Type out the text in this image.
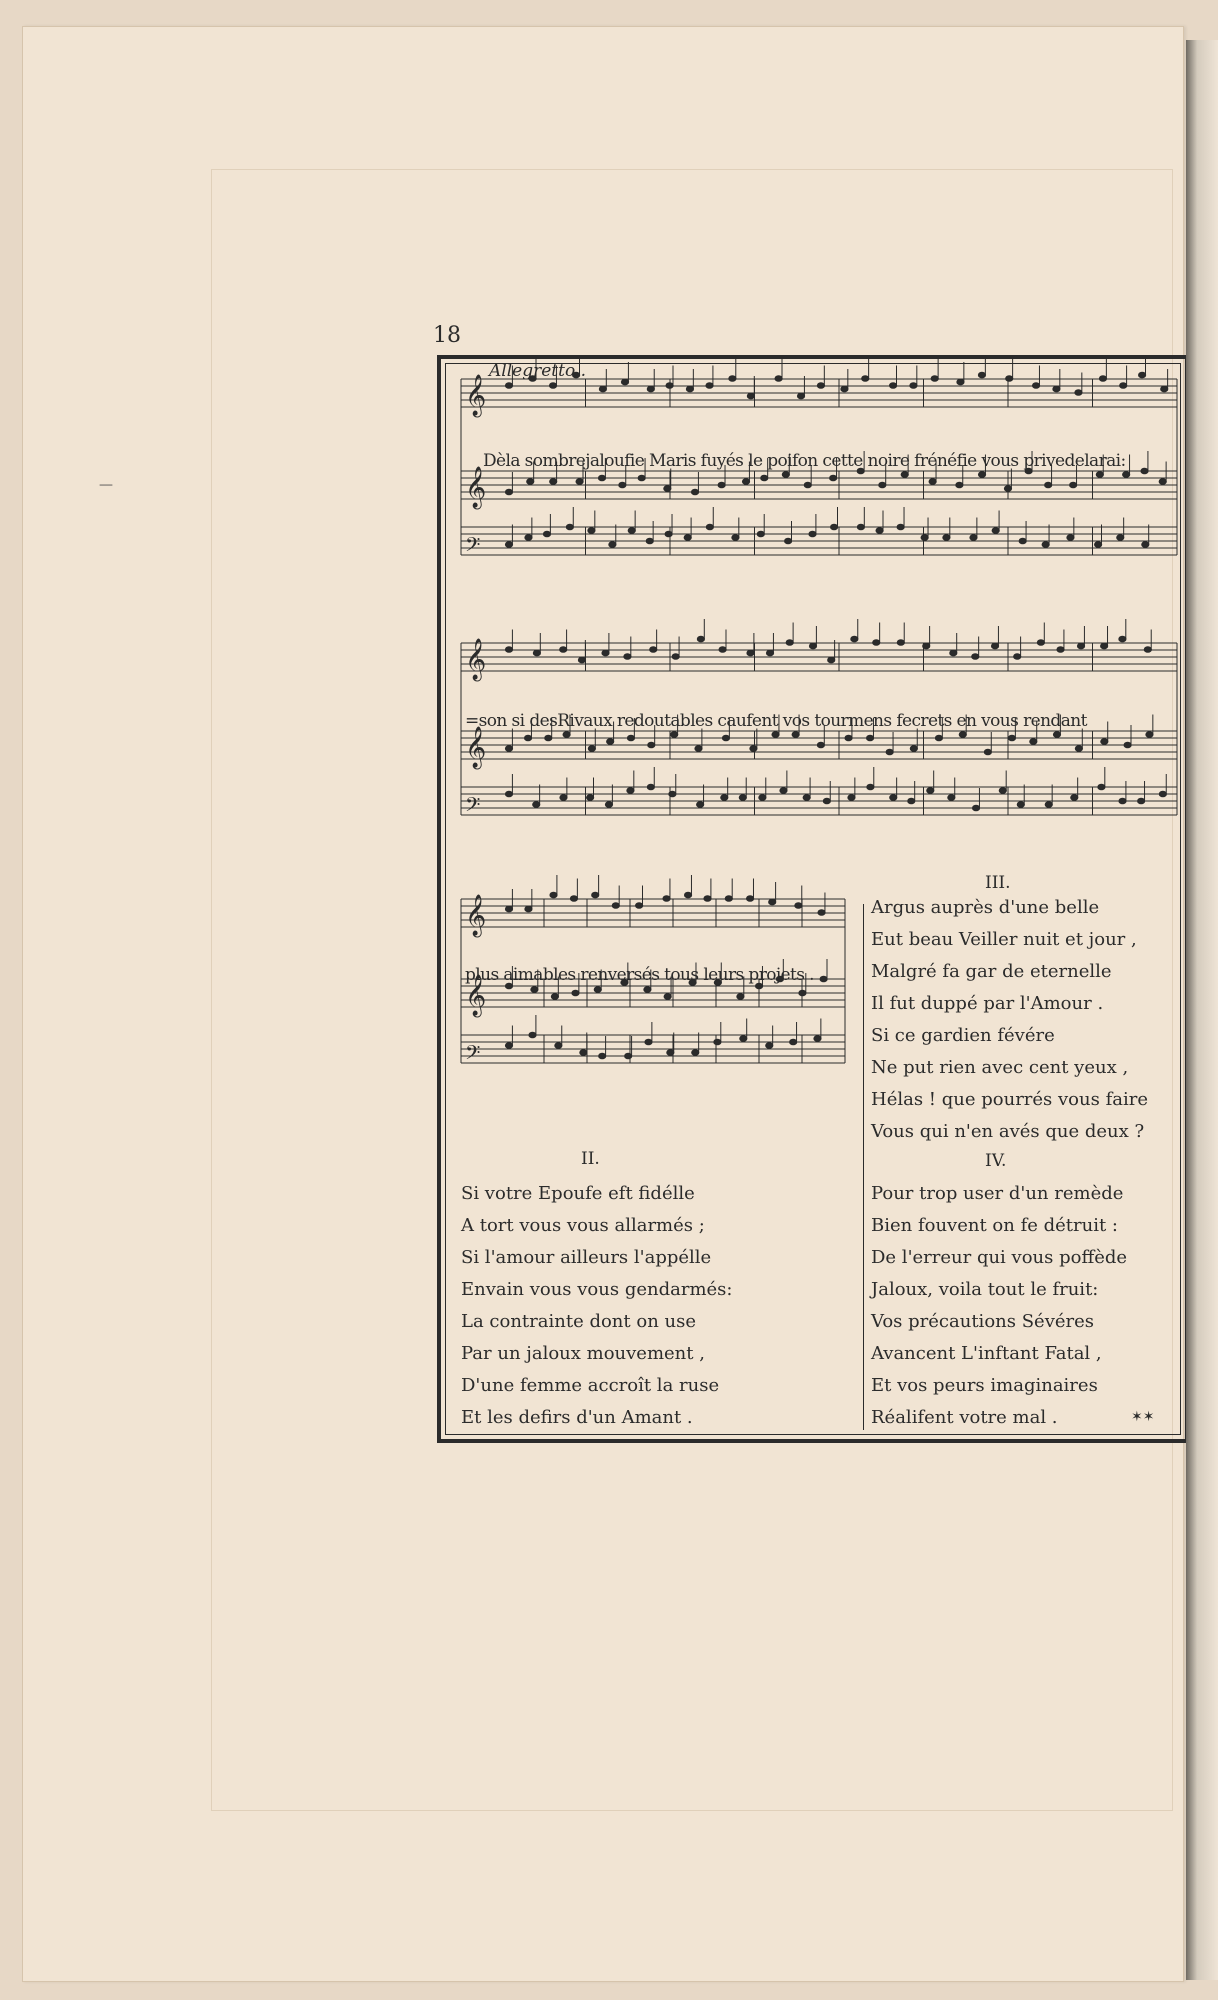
18
𝄞
𝄞
𝄢
𝄞
𝄞
𝄢
𝄞
𝄞
𝄢
Allegretto .
Dèla sombrejaloufie Maris fuyés le poifon cette noire frénéfie vous privedelarai:
=son si desRivaux redoutables caufent vos tourmens fecrets en vous rendant
plus aimables renversés tous leurs projets .
II.
Si votre Epoufe eft fidélle
A tort vous vous allarmés ;
Si l'amour ailleurs l'appélle
Envain vous vous gendarmés:
La contrainte dont on use
Par un jaloux mouvement ,
D'une femme accroît la ruse
Et les defirs d'un Amant .
III.
Argus auprès d'une belle
Eut beau Veiller nuit et jour ,
Malgré fa gar de eternelle
Il fut duppé par l'Amour .
Si ce gardien févére
Ne put rien avec cent yeux ,
Hélas ! que pourrés vous faire
Vous qui n'en avés que deux ?
IV.
Pour trop user d'un remède
Bien fouvent on fe détruit :
De l'erreur qui vous poffède
Jaloux, voila tout le fruit:
Vos précautions Sévéres
Avancent L'inftant Fatal ,
Et vos peurs imaginaires
Réalifent votre mal .	✶✶
—
